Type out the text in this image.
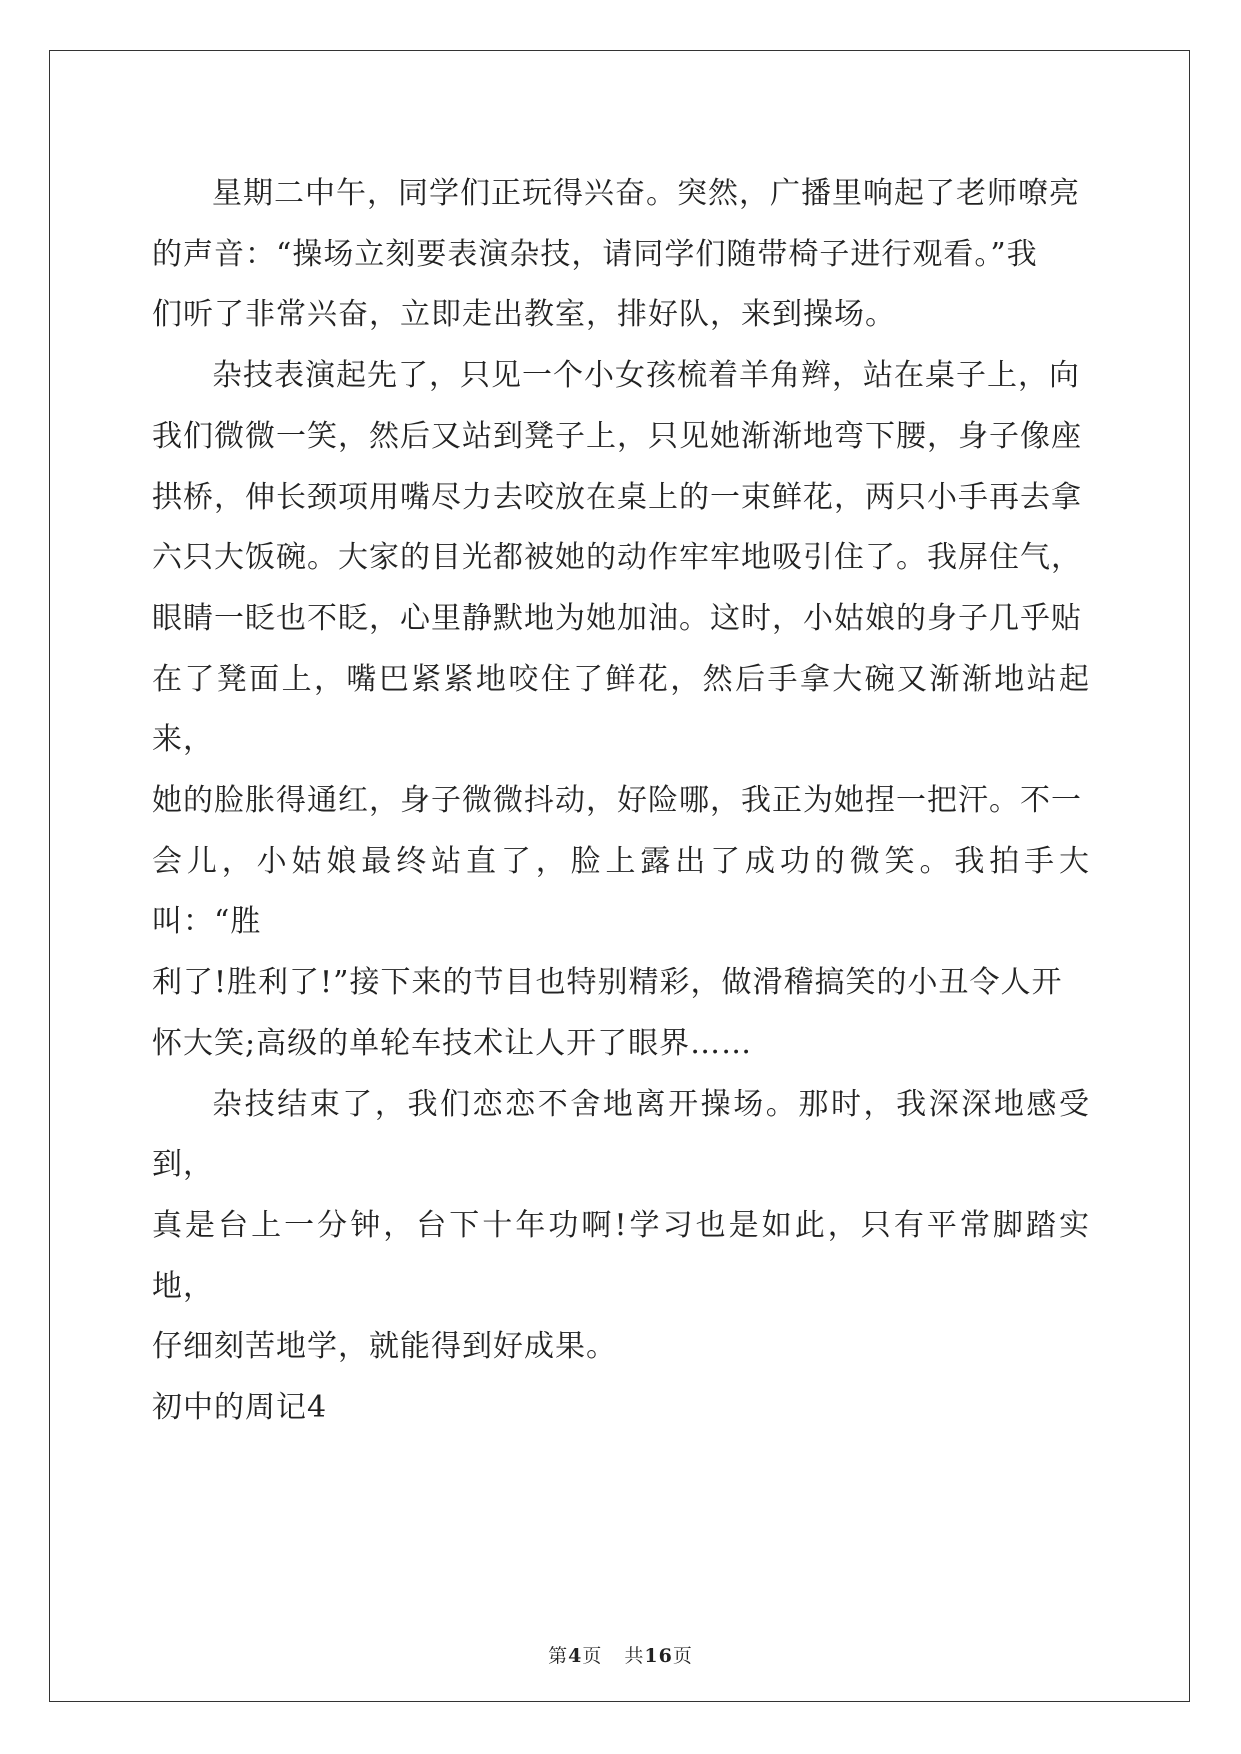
星期二中午，同学们正玩得兴奋。突然，广播里响起了老师嘹亮
的声音：“操场立刻要表演杂技，请同学们随带椅子进行观看。”我
们听了非常兴奋，立即走出教室，排好队，来到操场。

杂技表演起先了，只见一个小女孩梳着羊角辫，站在桌子上，向
我们微微一笑，然后又站到凳子上，只见她渐渐地弯下腰，身子像座
拱桥，伸长颈项用嘴尽力去咬放在桌上的一束鲜花，两只小手再去拿
六只大饭碗。大家的目光都被她的动作牢牢地吸引住了。我屏住气，
眼睛一眨也不眨，心里静默地为她加油。这时，小姑娘的身子几乎贴
在了凳面上，嘴巴紧紧地咬住了鲜花，然后手拿大碗又渐渐地站起来，
她的脸胀得通红，身子微微抖动，好险哪，我正为她捏一把汗。不一
会儿，小姑娘最终站直了，脸上露出了成功的微笑。我拍手大叫：“胜
利了!胜利了!”接下来的节目也特别精彩，做滑稽搞笑的小丑令人开
怀大笑;高级的单轮车技术让人开了眼界……

杂技结束了，我们恋恋不舍地离开操场。那时，我深深地感受到，
真是台上一分钟，台下十年功啊!学习也是如此，只有平常脚踏实地，
仔细刻苦地学，就能得到好成果。

初中的周记4

第4页 共16页
